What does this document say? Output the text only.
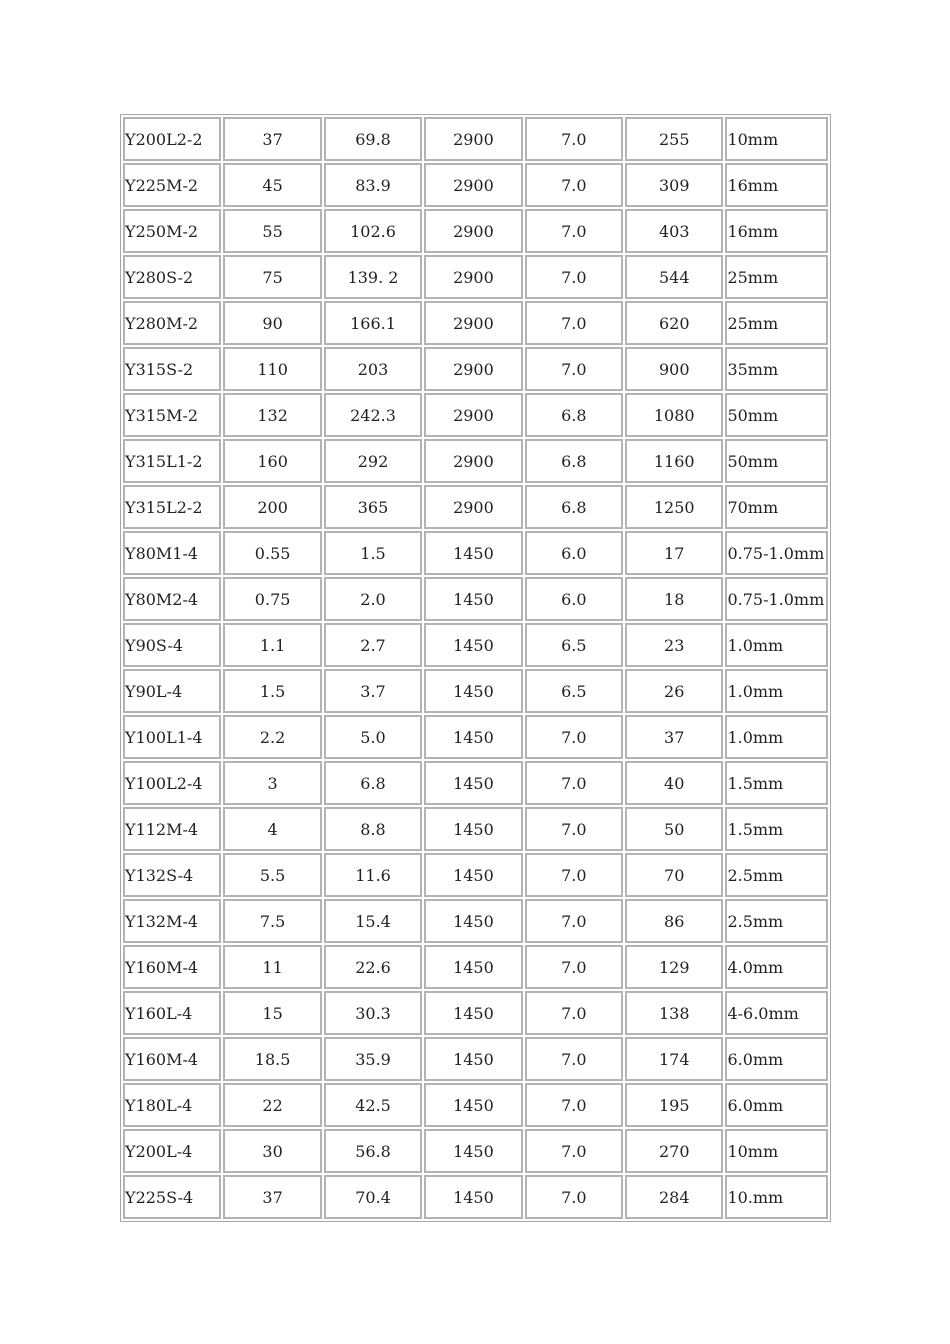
Y200L2-2	37	69.8	2900	7.0	255	10mm
Y225M-2	45	83.9	2900	7.0	309	16mm
Y250M-2	55	102.6	2900	7.0	403	16mm
Y280S-2	75	139. 2	2900	7.0	544	25mm
Y280M-2	90	166.1	2900	7.0	620	25mm
Y315S-2	110	203	2900	7.0	900	35mm
Y315M-2	132	242.3	2900	6.8	1080	50mm
Y315L1-2	160	292	2900	6.8	1160	50mm
Y315L2-2	200	365	2900	6.8	1250	70mm
Y80M1-4	0.55	1.5	1450	6.0	17	0.75-1.0mm
Y80M2-4	0.75	2.0	1450	6.0	18	0.75-1.0mm
Y90S-4	1.1	2.7	1450	6.5	23	1.0mm
Y90L-4	1.5	3.7	1450	6.5	26	1.0mm
Y100L1-4	2.2	5.0	1450	7.0	37	1.0mm
Y100L2-4	3	6.8	1450	7.0	40	1.5mm
Y112M-4	4	8.8	1450	7.0	50	1.5mm
Y132S-4	5.5	11.6	1450	7.0	70	2.5mm
Y132M-4	7.5	15.4	1450	7.0	86	2.5mm
Y160M-4	11	22.6	1450	7.0	129	4.0mm
Y160L-4	15	30.3	1450	7.0	138	4-6.0mm
Y160M-4	18.5	35.9	1450	7.0	174	6.0mm
Y180L-4	22	42.5	1450	7.0	195	6.0mm
Y200L-4	30	56.8	1450	7.0	270	10mm
Y225S-4	37	70.4	1450	7.0	284	10.mm
